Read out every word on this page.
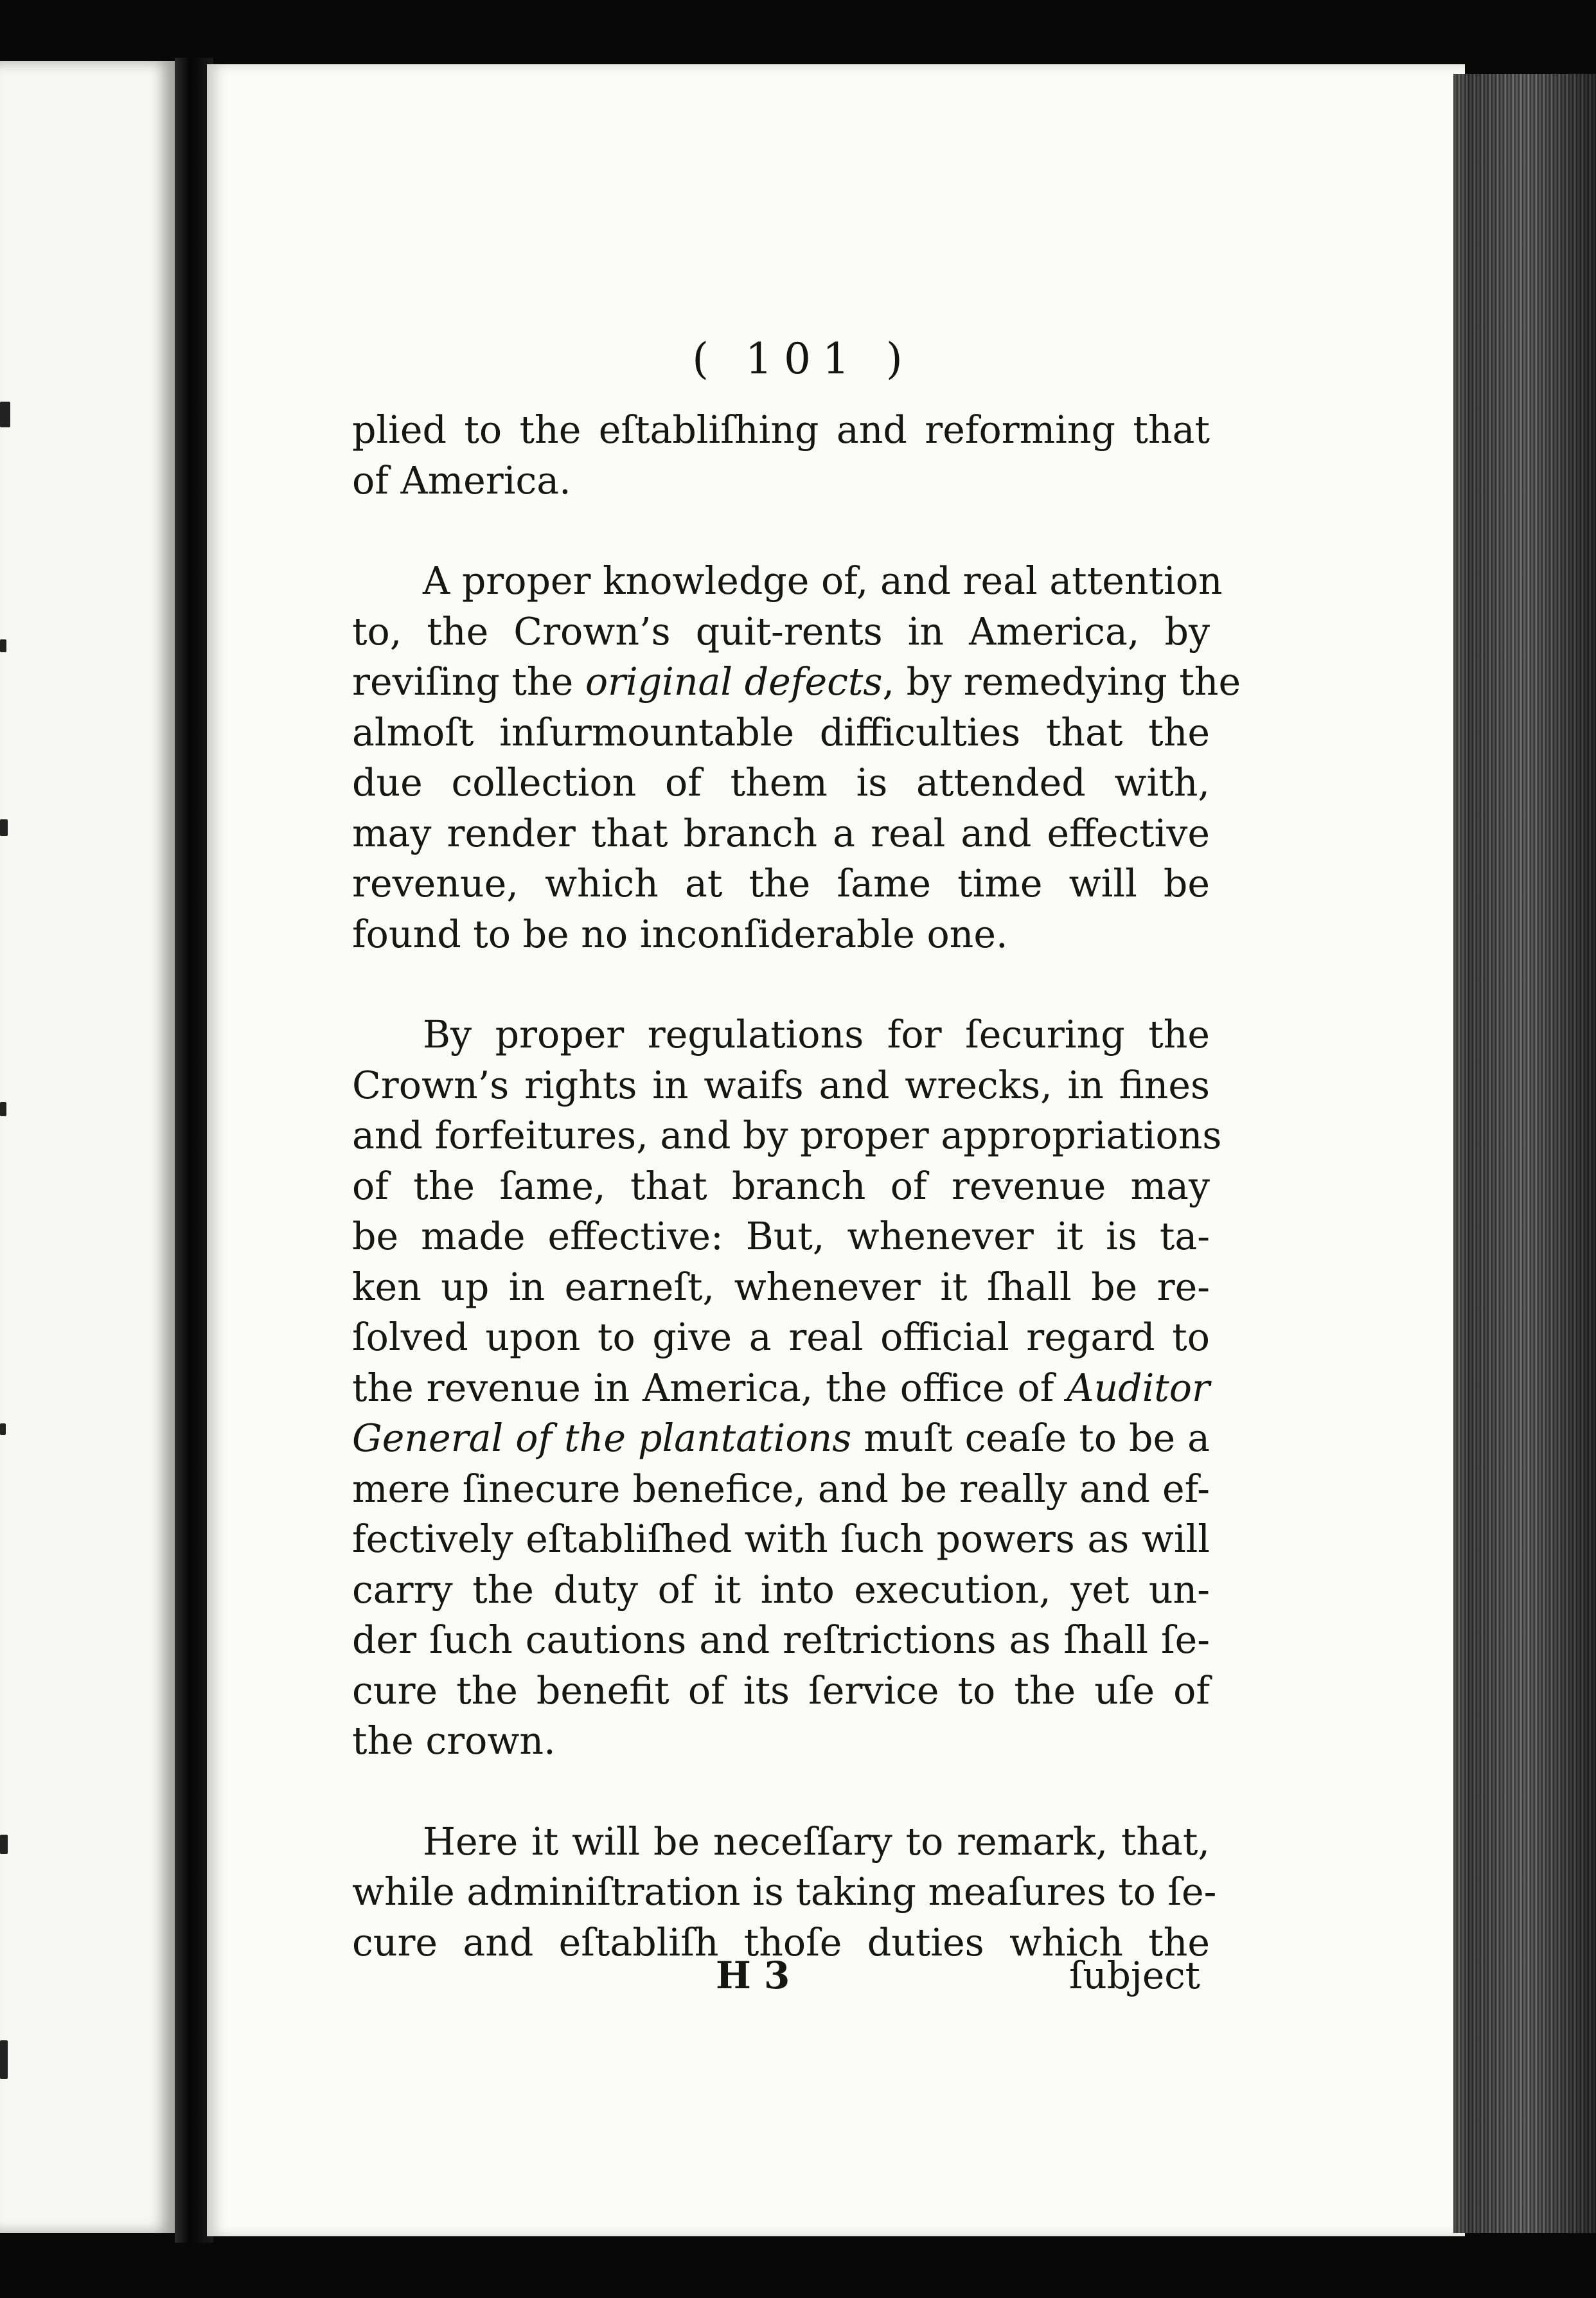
( 101 )
plied to the eſtabliſhing and reforming that
of America.
A proper knowledge of, and real attention
to, the Crown’s quit-rents in America, by
reviſing the original defects, by remedying the
almoſt inſurmountable difficulties that the
due collection of them is attended with,
may render that branch a real and effective
revenue, which at the ſame time will be
found to be no inconſiderable one.
By proper regulations for ſecuring the
Crown’s rights in waifs and wrecks, in fines
and forfeitures, and by proper appropriations
of the ſame, that branch of revenue may
be made effective: But, whenever it is ta-
ken up in earneſt, whenever it ſhall be re-
ſolved upon to give a real official regard to
the revenue in America, the office of Auditor
General of the plantations muſt ceaſe to be a
mere ſinecure benefice, and be really and ef-
fectively eſtabliſhed with ſuch powers as will
carry the duty of it into execution, yet un-
der ſuch cautions and reſtrictions as ſhall ſe-
cure the benefit of its ſervice to the uſe of
the crown.
Here it will be neceſſary to remark, that,
while adminiſtration is taking meaſures to ſe-
cure and eſtabliſh thoſe duties which the
H 3	ſubject
